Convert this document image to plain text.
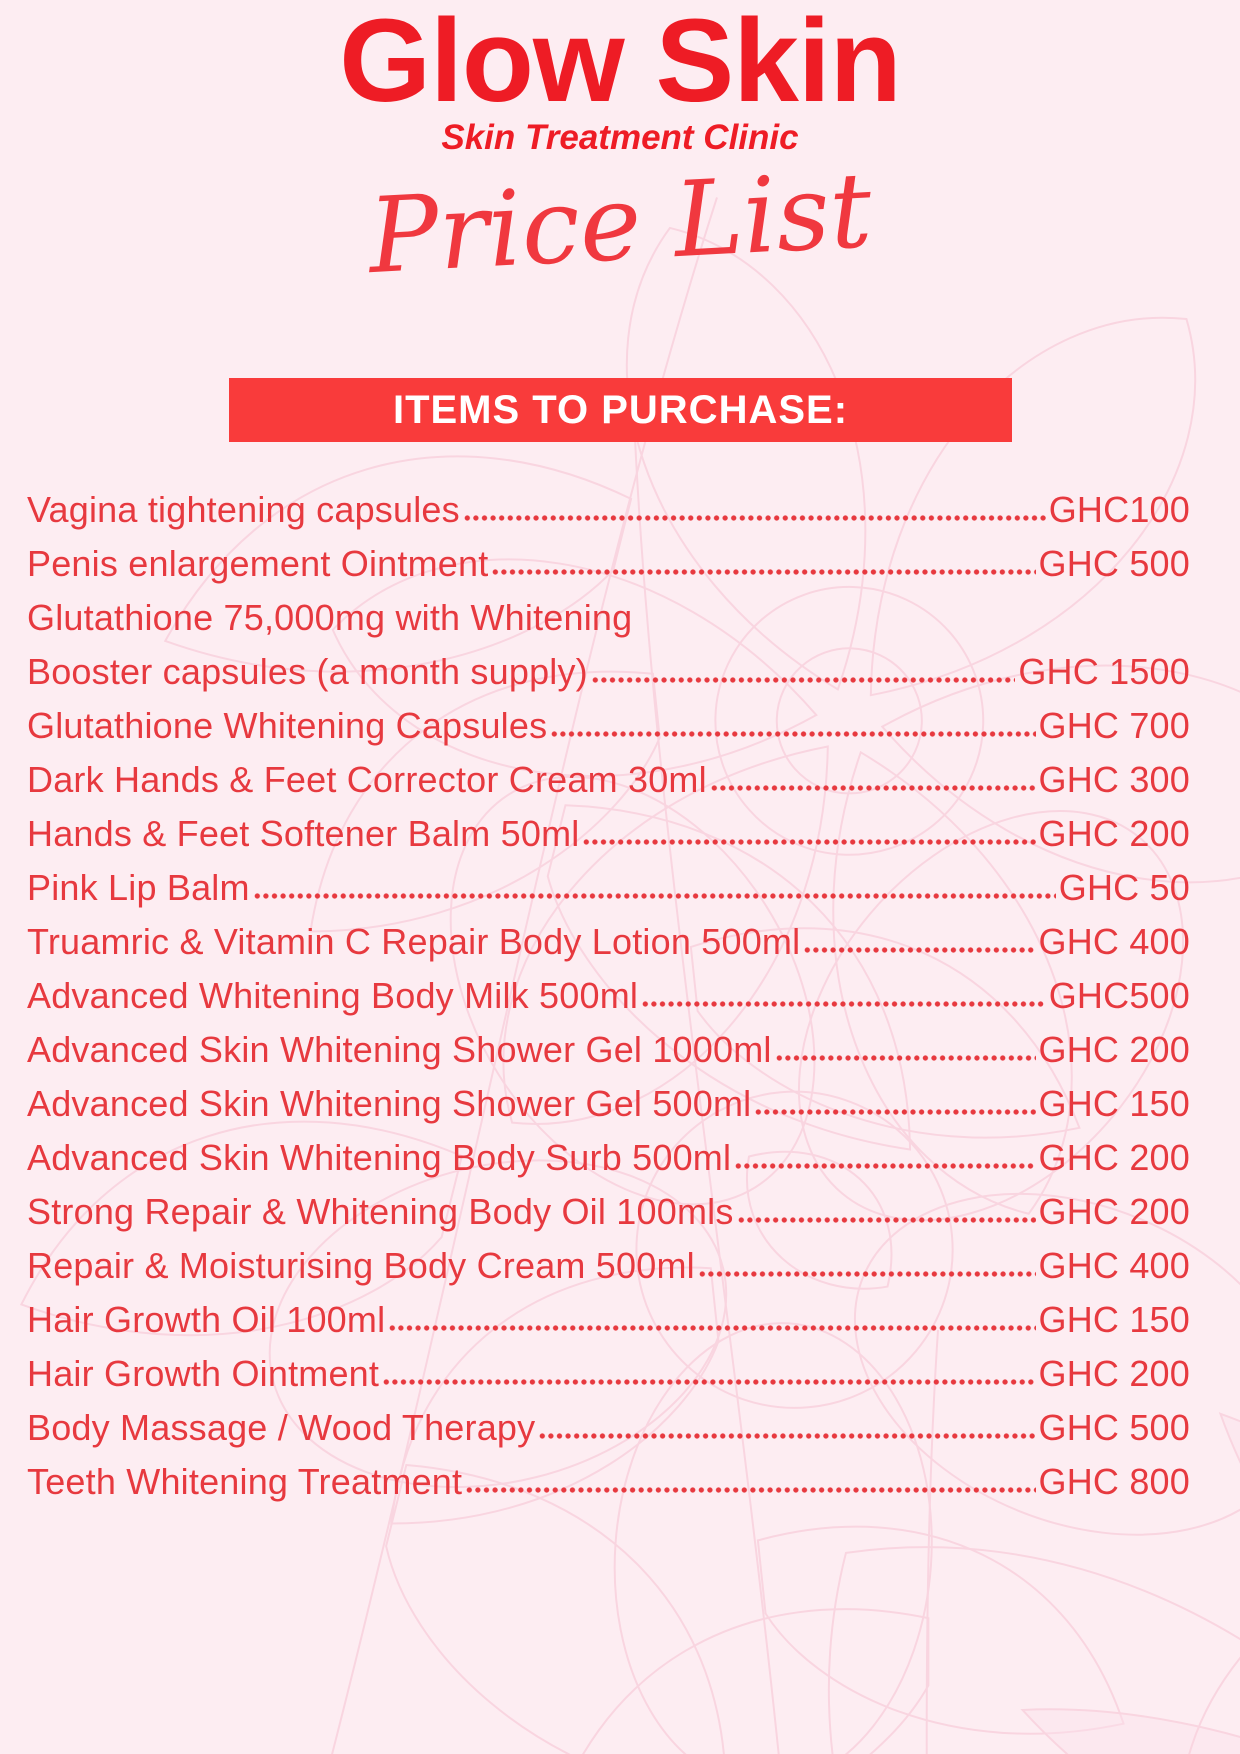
Glow Skin
Skin Treatment Clinic
Price List
ITEMS TO PURCHASE:
Vagina tightening capsules	GHC100
Penis enlargement Ointment	GHC 500
Glutathione 75,000mg with Whitening
Booster capsules (a month supply)	GHC 1500
Glutathione Whitening Capsules	GHC 700
Dark Hands & Feet Corrector Cream 30ml	GHC 300
Hands & Feet Softener Balm 50ml	GHC 200
Pink Lip Balm	GHC 50
Truamric & Vitamin C Repair Body Lotion 500ml	GHC 400
Advanced Whitening Body Milk 500ml	GHC500
Advanced Skin Whitening Shower Gel 1000ml	GHC 200
Advanced Skin Whitening Shower Gel 500ml	GHC 150
Advanced Skin Whitening Body Surb 500ml	GHC 200
Strong Repair & Whitening Body Oil 100mls	GHC 200
Repair & Moisturising Body Cream 500ml	GHC 400
Hair Growth Oil 100ml	GHC 150
Hair Growth Ointment	GHC 200
Body Massage / Wood Therapy	GHC 500
Teeth Whitening Treatment	GHC 800
